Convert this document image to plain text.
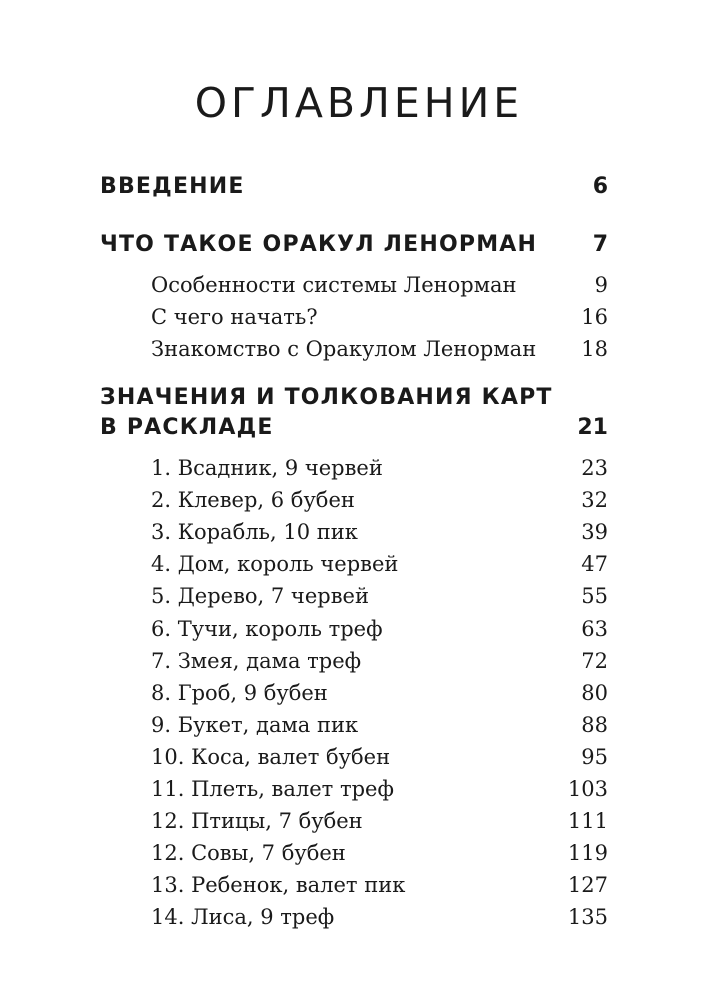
ОГЛАВЛЕНИЕ
ВВЕДЕНИЕ	6
ЧТО ТАКОЕ ОРАКУЛ ЛЕНОРМАН	7
Особенности системы Ленорман	9
С чего начать?	16
Знакомство с Оракулом Ленорман 18
ЗНАЧЕНИЯ И ТОЛКОВАНИЯ КАРТ
В РАСКЛАДЕ	21
1. Всадник, 9 червей	23
2. Клевер, 6 бубен	32
3. Корабль, 10 пик	39
4. Дом, король червей	47
5. Дерево, 7 червей	55
6. Тучи, король треф	63
7. Змея, дама треф	72
8. Гроб, 9 бубен	80
9. Букет, дама пик	88
10. Коса, валет бубен	95
11. Плеть, валет треф	103
12. Птицы, 7 бубен	111
12. Совы, 7 бубен	119
13. Ребенок, валет пик	127
14. Лиса, 9 треф	135
